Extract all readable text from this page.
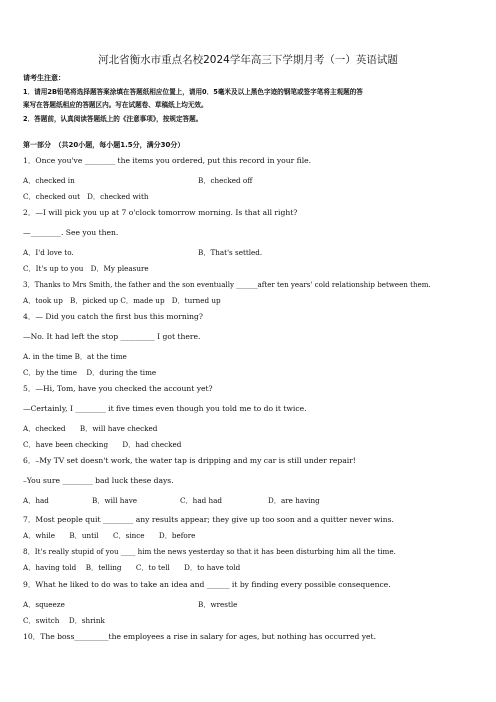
河北省衡水市重点名校2024学年高三下学期月考（一）英语试题
请考生注意：
1．请用2B铅笔将选择题答案涂填在答题纸相应位置上，请用0．5毫米及以上黑色字迹的钢笔或签字笔将主观题的答
案写在答题纸相应的答题区内。写在试题卷、草稿纸上均无效。
2．答题前，认真阅读答题纸上的《注意事项》，按规定答题。
第一部分　（共20小题，每小题1.5分，满分30分）
1．Once you've ________ the items you ordered, put this record in your file.
A．checked in	B．checked off
C．checked out　D．checked with
2．—I will pick you up at 7 o'clock tomorrow morning. Is that all right?
—________. See you then.
A．I'd love to.	B．That's settled.
C．It's up to you　D．My pleasure
3．Thanks to Mrs Smith, the father and the son eventually ______after ten years' cold relationship between them.
A．took up　B．picked up C．made up　D．turned up
4．— Did you catch the first bus this morning?
—No. It had left the stop _________ I got there.
A. in the time B．at the time
C．by the time　 D．during the time
5．—Hi, Tom, have you checked the account yet?
—Certainly, I ________ it five times even though you told me to do it twice.
A．checked　　B．will have checked
C．have been checking　　D．had checked
6．–My TV set doesn't work, the water tap is dripping and my car is still under repair!
–You sure ________ bad luck these days.
A．had	B．will have	C．had had	D．are having
7．Most people quit ________ any results appear; they give up too soon and a quitter never wins.
A．while　　B．until　　C．since　　D．before
8．It's really stupid of you ____ him the news yesterday so that it has been disturbing him all the time.
A．having told　 B．telling　　C．to tell　　D．to have told
9．What he liked to do was to take an idea and ______ it by finding every possible consequence.
A．squeeze	B．wrestle
C．switch　 D．shrink
10．The boss_________the employees a rise in salary for ages, but nothing has occurred yet.
